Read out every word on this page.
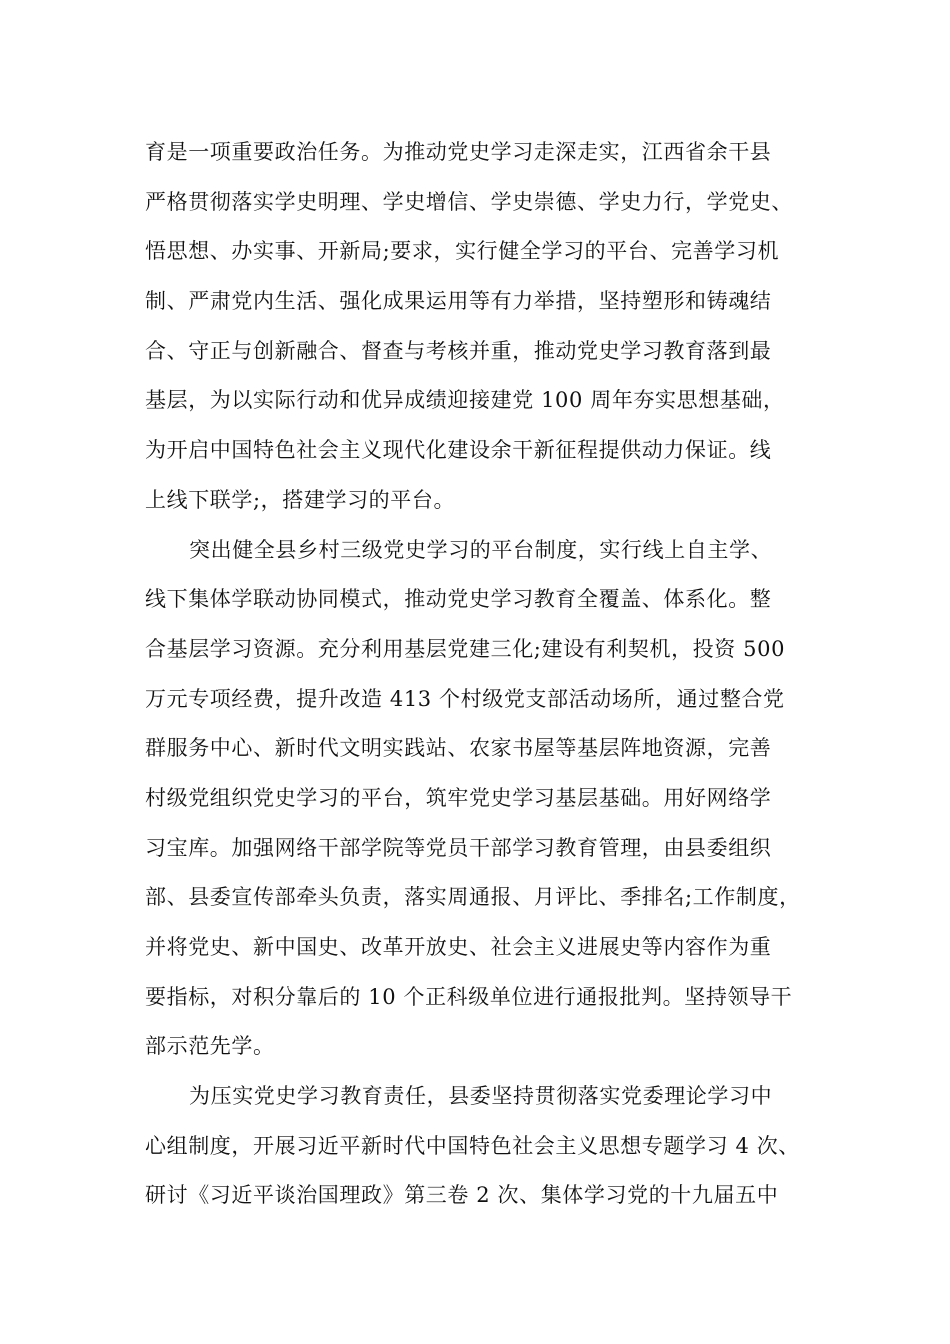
育是一项重要政治任务。为推动党史学习走深走实，江西省余干县
严格贯彻落实学史明理、学史增信、学史崇德、学史力行，学党史、
悟思想、办实事、开新局;要求，实行健全学习的平台、完善学习机
制、严肃党内生活、强化成果运用等有力举措，坚持塑形和铸魂结
合、守正与创新融合、督查与考核并重，推动党史学习教育落到最
基层，为以实际行动和优异成绩迎接建党 100 周年夯实思想基础，
为开启中国特色社会主义现代化建设余干新征程提供动力保证。线
上线下联学;，搭建学习的平台。
突出健全县乡村三级党史学习的平台制度，实行线上自主学、
线下集体学联动协同模式，推动党史学习教育全覆盖、体系化。整
合基层学习资源。充分利用基层党建三化;建设有利契机，投资 500
万元专项经费，提升改造 413 个村级党支部活动场所，通过整合党
群服务中心、新时代文明实践站、农家书屋等基层阵地资源，完善
村级党组织党史学习的平台，筑牢党史学习基层基础。用好网络学
习宝库。加强网络干部学院等党员干部学习教育管理，由县委组织
部、县委宣传部牵头负责，落实周通报、月评比、季排名;工作制度，
并将党史、新中国史、改革开放史、社会主义进展史等内容作为重
要指标，对积分靠后的 10 个正科级单位进行通报批判。坚持领导干
部示范先学。
为压实党史学习教育责任，县委坚持贯彻落实党委理论学习中
心组制度，开展习近平新时代中国特色社会主义思想专题学习 4 次、
研讨《习近平谈治国理政》第三卷 2 次、集体学习党的十九届五中
